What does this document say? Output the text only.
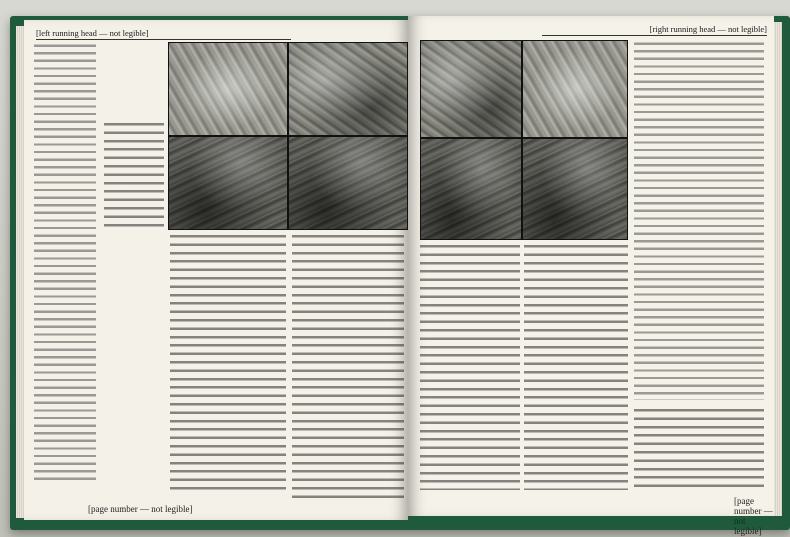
[left running head — not legible]
[page number — not legible]
[right running head — not legible]
[page number — not legible]
